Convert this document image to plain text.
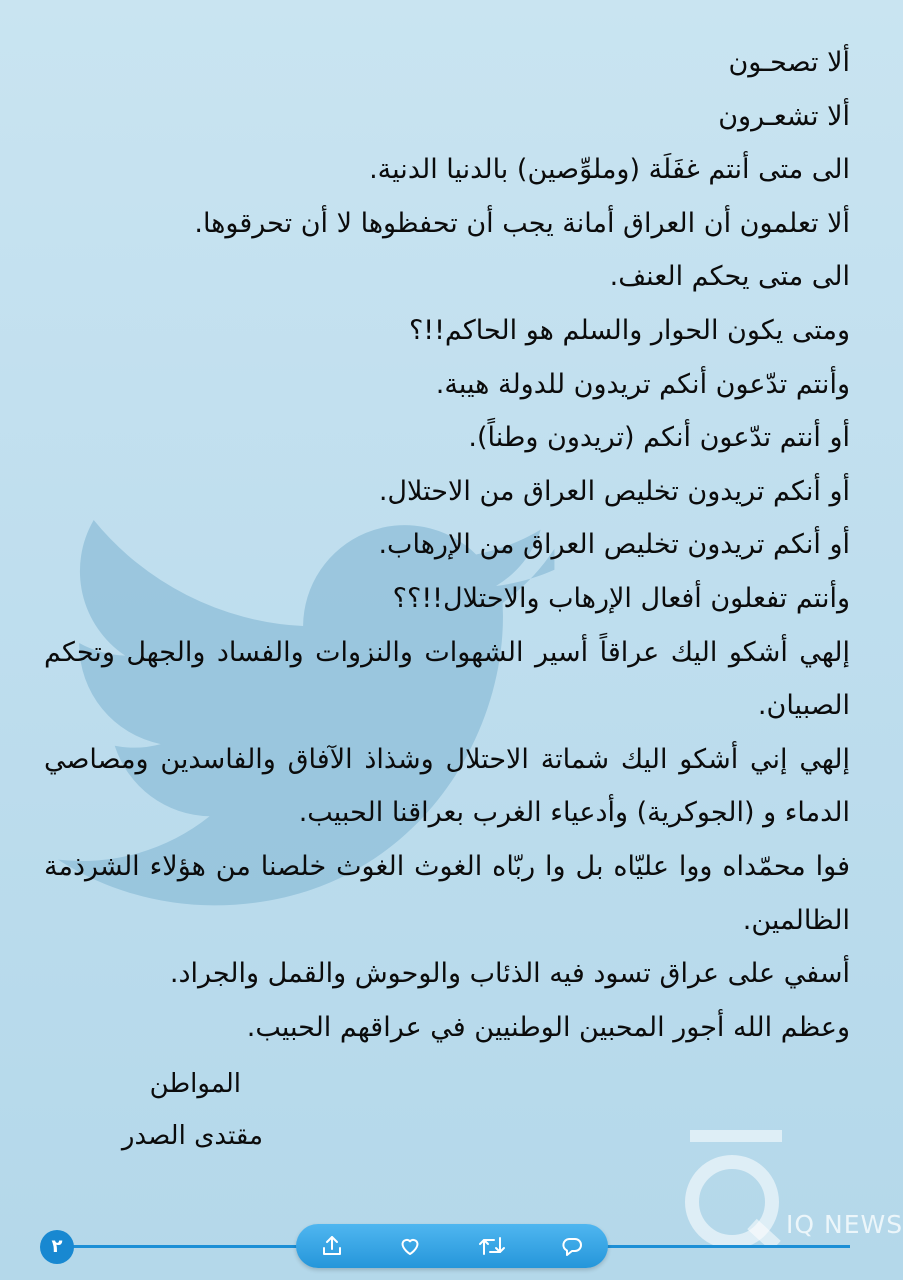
ألا تصحـون
ألا تشعـرون
الى متى أنتم غفَلَة (وملوِّصين) بالدنيا الدنية.
ألا تعلمون أن العراق أمانة يجب أن تحفظوها لا أن تحرقوها.
الى متى يحكم العنف.
ومتى يكون الحوار والسلم هو الحاكم!!؟
وأنتم تدّعون أنكم تريدون للدولة هيبة.
أو أنتم تدّعون أنكم (تريدون وطناً).
أو أنكم تريدون تخليص العراق من الاحتلال.
أو أنكم تريدون تخليص العراق من الإرهاب.
وأنتم تفعلون أفعال الإرهاب والاحتلال!!؟؟
إلهي أشكو اليك عراقاً أسير الشهوات والنزوات والفساد والجهل وتحكم الصبيان.
إلهي إني أشكو اليك شماتة الاحتلال وشذاذ الآفاق والفاسدين ومصاصي الدماء و (الجوكرية) وأدعياء الغرب بعراقنا الحبيب.
فوا محمّداه ووا عليّاه بل وا ربّاه الغوث الغوث خلصنا من هؤلاء الشرذمة الظالمين.
أسفي على عراق تسود فيه الذئاب والوحوش والقمل والجراد.
وعظم الله أجور المحبين الوطنيين في عراقهم الحبيب.
المواطن
مقتدى الصدر
IQ NEWS
٢
